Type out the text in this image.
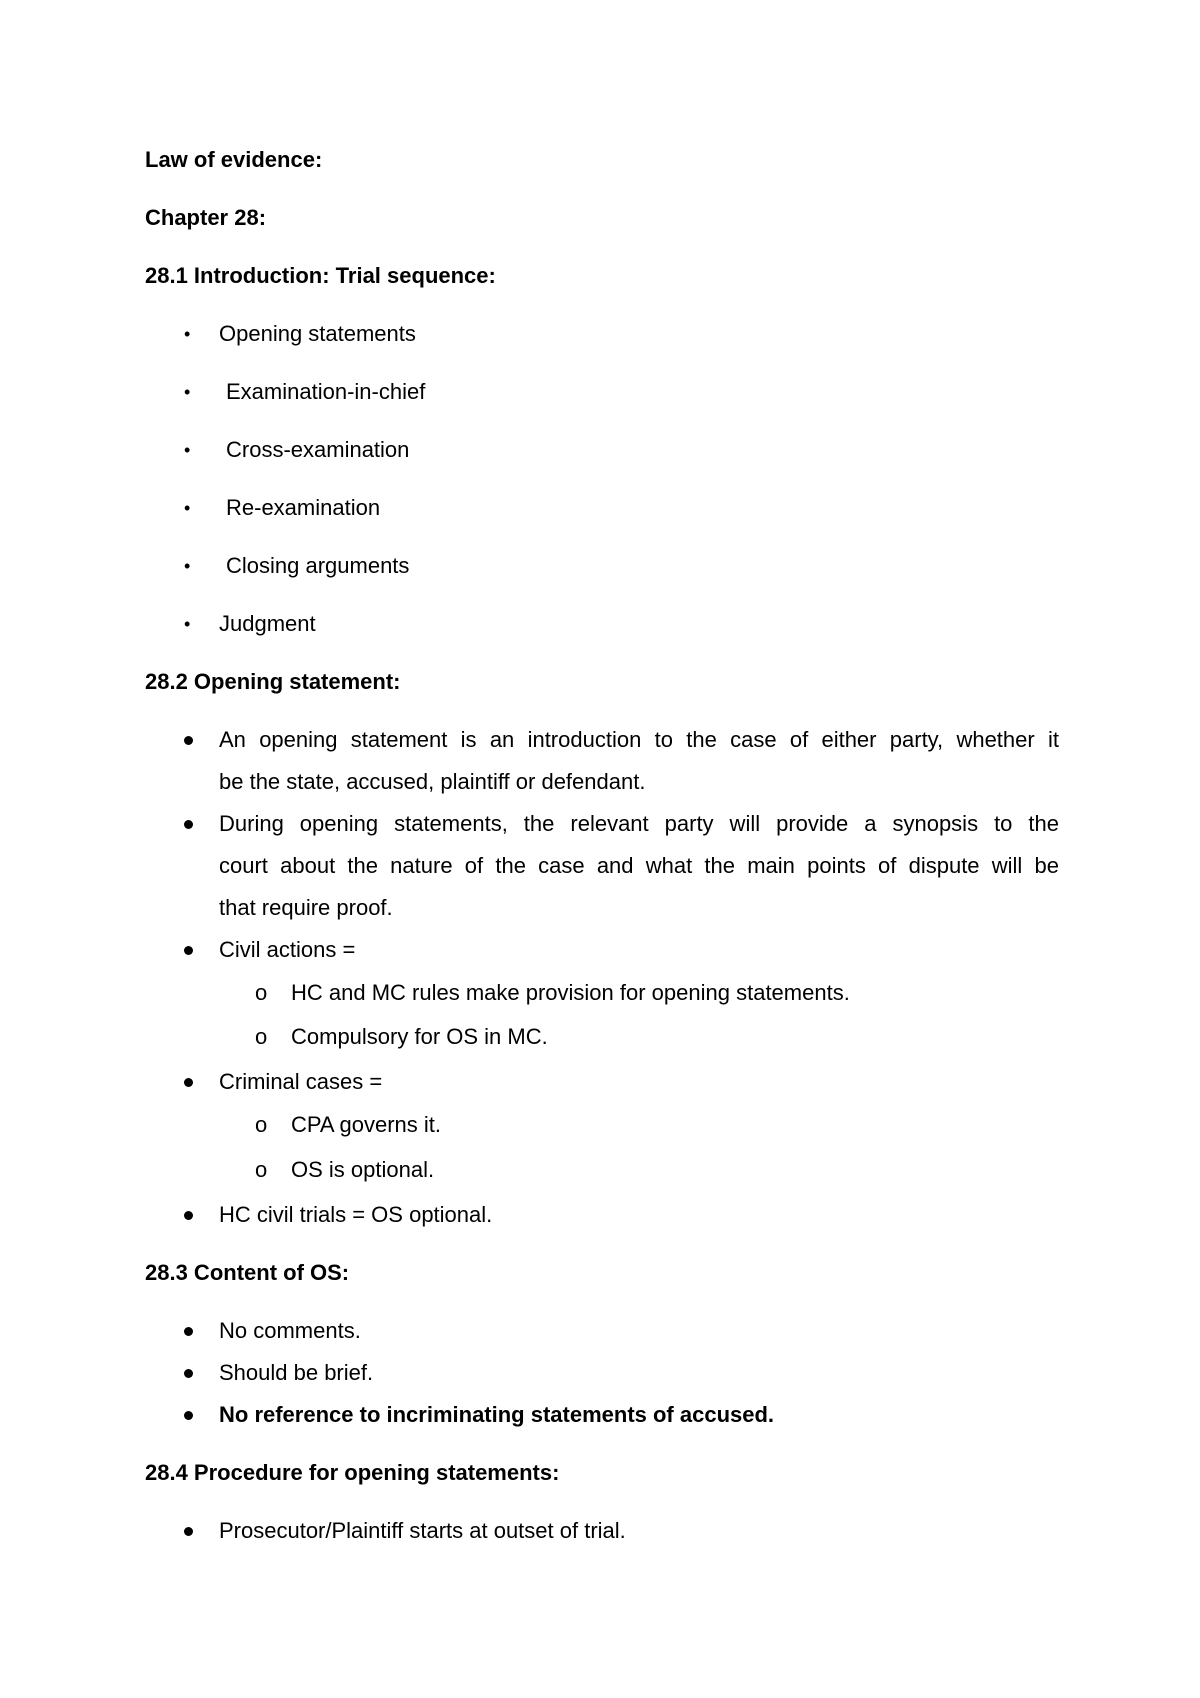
Law of evidence:
Chapter 28:
28.1 Introduction: Trial sequence:
• Opening statements
• Examination-in-chief
• Cross-examination
• Re-examination
• Closing arguments
• Judgment
28.2 Opening statement:
An opening statement is an introduction to the case of either party, whether it
be the state, accused, plaintiff or defendant.
During opening statements, the relevant party will provide a synopsis to the
court about the nature of the case and what the main points of dispute will be
that require proof.
Civil actions =
o HC and MC rules make provision for opening statements.
o Compulsory for OS in MC.
Criminal cases =
o CPA governs it.
o OS is optional.
HC civil trials = OS optional.
28.3 Content of OS:
No comments.
Should be brief.
No reference to incriminating statements of accused.
28.4 Procedure for opening statements:
Prosecutor/Plaintiff starts at outset of trial.
